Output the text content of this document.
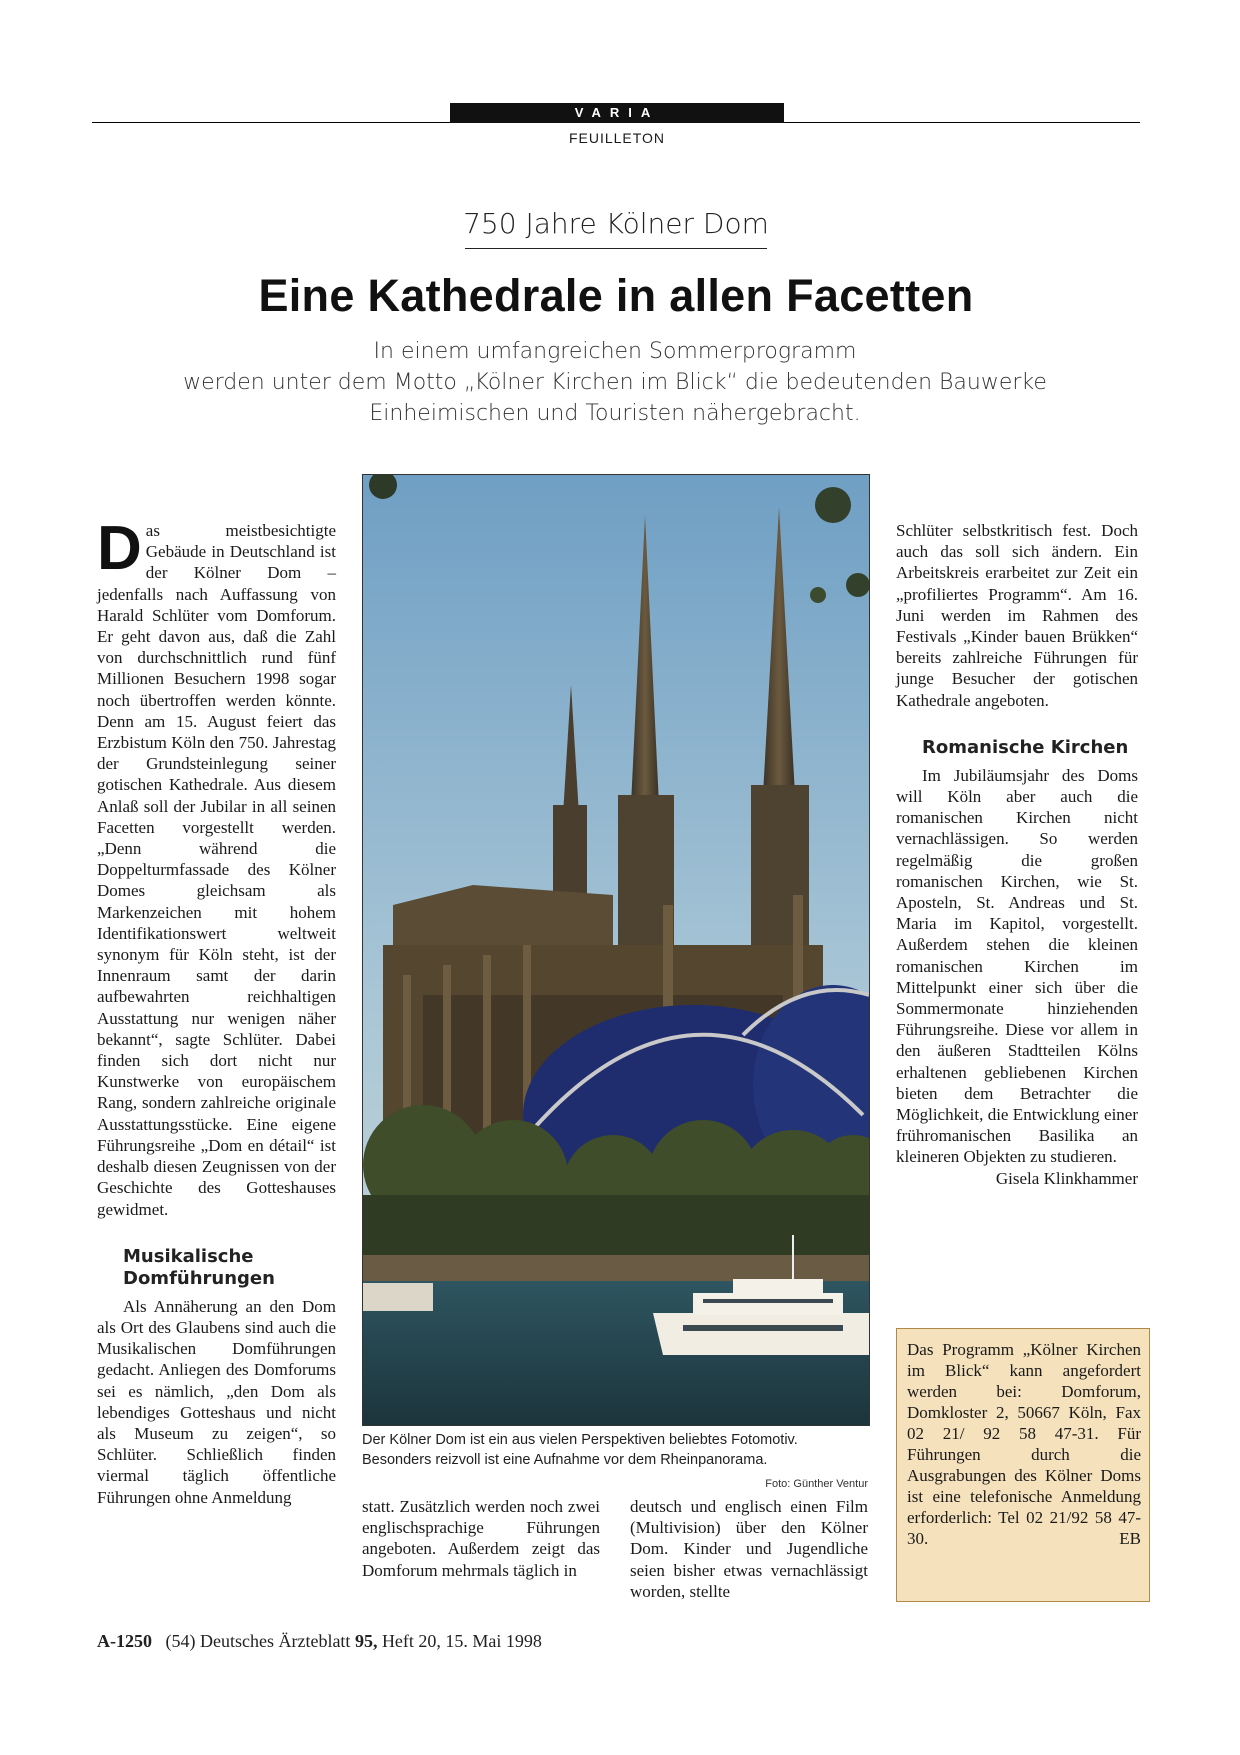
VARIA
FEUILLETON
750 Jahre Kölner Dom
Eine Kathedrale in allen Facetten
In einem umfangreichen Sommerprogramm
werden unter dem Motto „Kölner Kirchen im Blick“ die bedeutenden Bauwerke
Einheimischen und Touristen nähergebracht.

Das meistbesichtigte Gebäude in Deutschland ist der Kölner Dom – jedenfalls nach Auffassung von Harald Schlüter vom Domforum. Er geht davon aus, daß die Zahl von durchschnittlich rund fünf Millionen Besuchern 1998 sogar noch übertroffen werden könnte. Denn am 15. August feiert das Erzbistum Köln den 750. Jahrestag der Grundsteinlegung seiner gotischen Kathedrale. Aus diesem Anlaß soll der Jubilar in all seinen Facetten vorgestellt werden. „Denn während die Doppelturmfassade des Kölner Domes gleichsam als Markenzeichen mit hohem Identifikationswert weltweit synonym für Köln steht, ist der Innenraum samt der darin aufbewahrten reichhaltigen Ausstattung nur wenigen näher bekannt“, sagte Schlüter. Dabei finden sich dort nicht nur Kunstwerke von europäischem Rang, sondern zahlreiche originale Ausstattungsstücke. Eine eigene Führungsreihe „Dom en détail“ ist deshalb diesen Zeugnissen von der Geschichte des Gotteshauses gewidmet.

Musikalische Domführungen

Als Annäherung an den Dom als Ort des Glaubens sind auch die Musikalischen Domführungen gedacht. Anliegen des Domforums sei es nämlich, „den Dom als lebendiges Gotteshaus und nicht als Museum zu zeigen“, so Schlüter. Schließlich finden viermal täglich öffentliche Führungen ohne Anmeldung

Der Kölner Dom ist ein aus vielen Perspektiven beliebtes Fotomotiv. Besonders reizvoll ist eine Aufnahme vor dem Rheinpanorama.
Foto: Günther Ventur

statt. Zusätzlich werden noch zwei englischsprachige Führungen angeboten. Außerdem zeigt das Domforum mehrmals täglich in

deutsch und englisch einen Film (Multivision) über den Kölner Dom. Kinder und Jugendliche seien bisher etwas vernachlässigt worden, stellte

Schlüter selbstkritisch fest. Doch auch das soll sich ändern. Ein Arbeitskreis erarbeitet zur Zeit ein „profiliertes Programm“. Am 16. Juni werden im Rahmen des Festivals „Kinder bauen Brükken“ bereits zahlreiche Führungen für junge Besucher der gotischen Kathedrale angeboten.

Romanische Kirchen

Im Jubiläumsjahr des Doms will Köln aber auch die romanischen Kirchen nicht vernachlässigen. So werden regelmäßig die großen romanischen Kirchen, wie St. Aposteln, St. Andreas und St. Maria im Kapitol, vorgestellt. Außerdem stehen die kleinen romanischen Kirchen im Mittelpunkt einer sich über die Sommermonate hinziehenden Führungsreihe. Diese vor allem in den äußeren Stadtteilen Kölns erhaltenen gebliebenen Kirchen bieten dem Betrachter die Möglichkeit, die Entwicklung einer frühromanischen Basilika an kleineren Objekten zu studieren.
Gisela Klinkhammer

Das Programm „Kölner Kirchen im Blick“ kann angefordert werden bei: Domforum, Domkloster 2, 50667 Köln, Fax 02 21/ 92 58 47-31. Für Führungen durch die Ausgrabungen des Kölner Doms ist eine telefonische Anmeldung erforderlich: Tel 02 21/92 58 47-30.	EB
A-1250 (54) Deutsches Ärzteblatt 95, Heft 20, 15. Mai 1998
